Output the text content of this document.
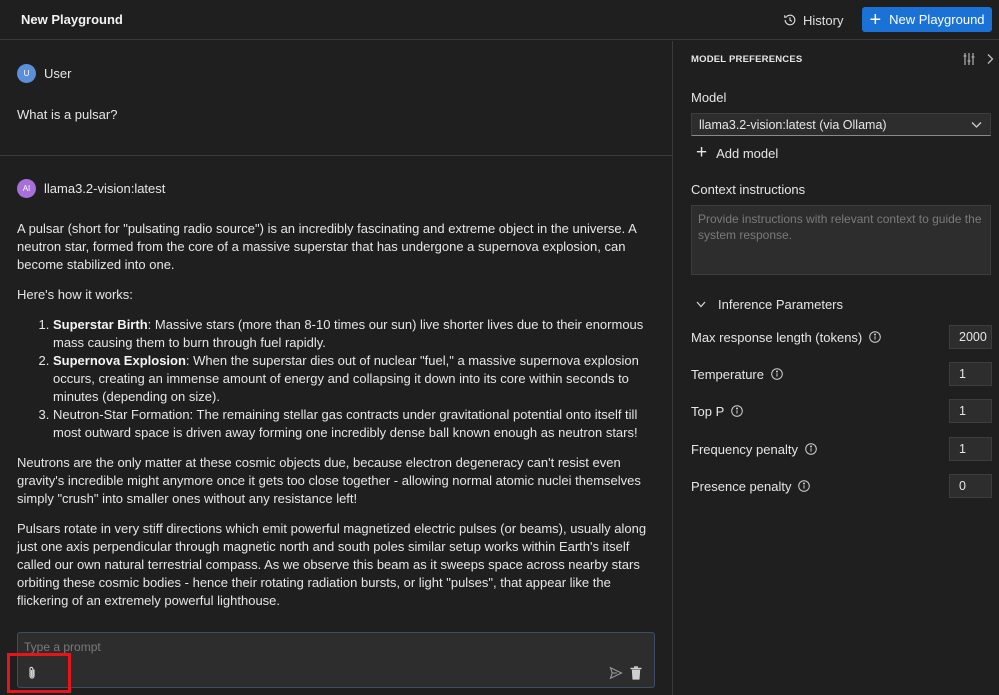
New Playground	History + New Playground
U	User
What is a pulsar?
AI	llama3.2-vision:latest

A pulsar (short for "pulsating radio source") is an incredibly fascinating and extreme object in the universe. A neutron star, formed from the core of a massive superstar that has undergone a supernova explosion, can become stabilized into one.

Here's how it works:

1. Superstar Birth: Massive stars (more than 8-10 times our sun) live shorter lives due to their enormous mass causing them to burn through fuel rapidly.
2. Supernova Explosion: When the superstar dies out of nuclear "fuel," a massive supernova explosion occurs, creating an immense amount of energy and collapsing it down into its core within seconds to minutes (depending on size).
3. Neutron-Star Formation: The remaining stellar gas contracts under gravitational potential onto itself till most outward space is driven away forming one incredibly dense ball known enough as neutron stars!

Neutrons are the only matter at these cosmic objects due, because electron degeneracy can't resist even gravity's incredible might anymore once it gets too close together - allowing normal atomic nuclei themselves simply "crush" into smaller ones without any resistance left!

Pulsars rotate in very stiff directions which emit powerful magnetized electric pulses (or beams), usually along just one axis perpendicular through magnetic north and south poles similar setup works within Earth's itself called our own natural terrestrial compass. As we observe this beam as it sweeps space across nearby stars orbiting these cosmic bodies - hence their rotating radiation bursts, or light "pulses", that appear like the flickering of an extremely powerful lighthouse.

Type a prompt
MODEL PREFERENCES
Model
llama3.2-vision:latest (via Ollama)
+ Add model
Context instructions
Provide instructions with relevant context to guide the system response.
Inference Parameters
Max response length (tokens)
2000
Temperature
1
Top P
1
Frequency penalty
1
Presence penalty
0
